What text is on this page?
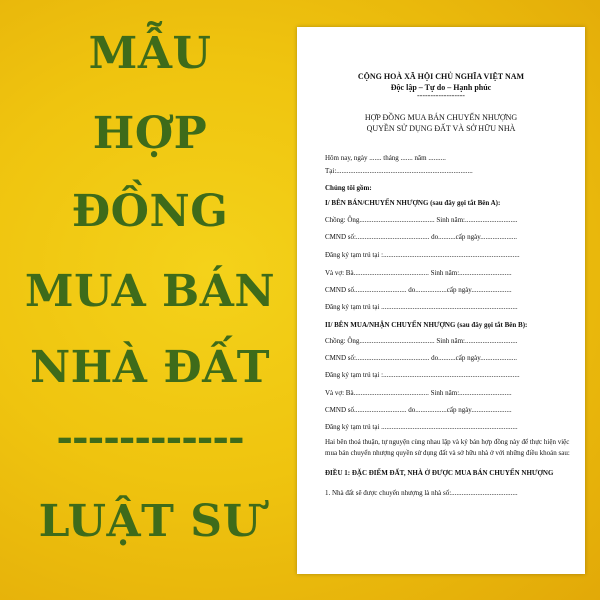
MẪU
HỢP
ĐỒNG
MUA BÁN
NHÀ ĐẤT
------------
LUẬT SƯ
CỘNG HOÀ XÃ HỘI CHỦ NGHĨA VIỆT NAM
Độc lập – Tự do – Hạnh phúc
------------------
HỢP ĐỒNG MUA BÁN CHUYỂN NHƯỢNG
QUYỀN SỬ DỤNG ĐẤT VÀ SỞ HỮU NHÀ
Hôm nay, ngày ....... tháng ....... năm ..........
Tại:..............................................................................
Chúng tôi gồm:
I/ BÊN BÁN/CHUYỂN NHƯỢNG (sau đây gọi tắt Bên A):
Chồng: Ông........................................... Sinh năm:..............................
CMND số:.......................................... do..........cấp ngày.....................
Đăng ký tạm trú tại :..............................................................................
Và vợ: Bà........................................... Sinh năm:..............................
CMND số.............................. do..................cấp ngày.......................
Đăng ký tạm trú tại ..............................................................................
II/ BÊN MUA/NHẬN CHUYỂN NHƯỢNG (sau đây gọi tắt Bên B):
Chồng: Ông........................................... Sinh năm:..............................
CMND số:.......................................... do..........cấp ngày.....................
Đăng ký tạm trú tại :..............................................................................
Và vợ: Bà........................................... Sinh năm:..............................
CMND số.............................. do..................cấp ngày.......................
Đăng ký tạm trú tại ..............................................................................
Hai bên thoả thuận, tự nguyện cùng nhau lập và ký bản hợp đồng này để thực hiện việc mua bán chuyển nhượng quyền sử dụng đất và sở hữu nhà ở với những điều khoản sau:
ĐIỀU 1: ĐẶC ĐIỂM ĐẤT, NHÀ Ở ĐƯỢC MUA BÁN CHUYỂN NHƯỢNG
1. Nhà đất sẽ được chuyển nhượng là nhà số:......................................
